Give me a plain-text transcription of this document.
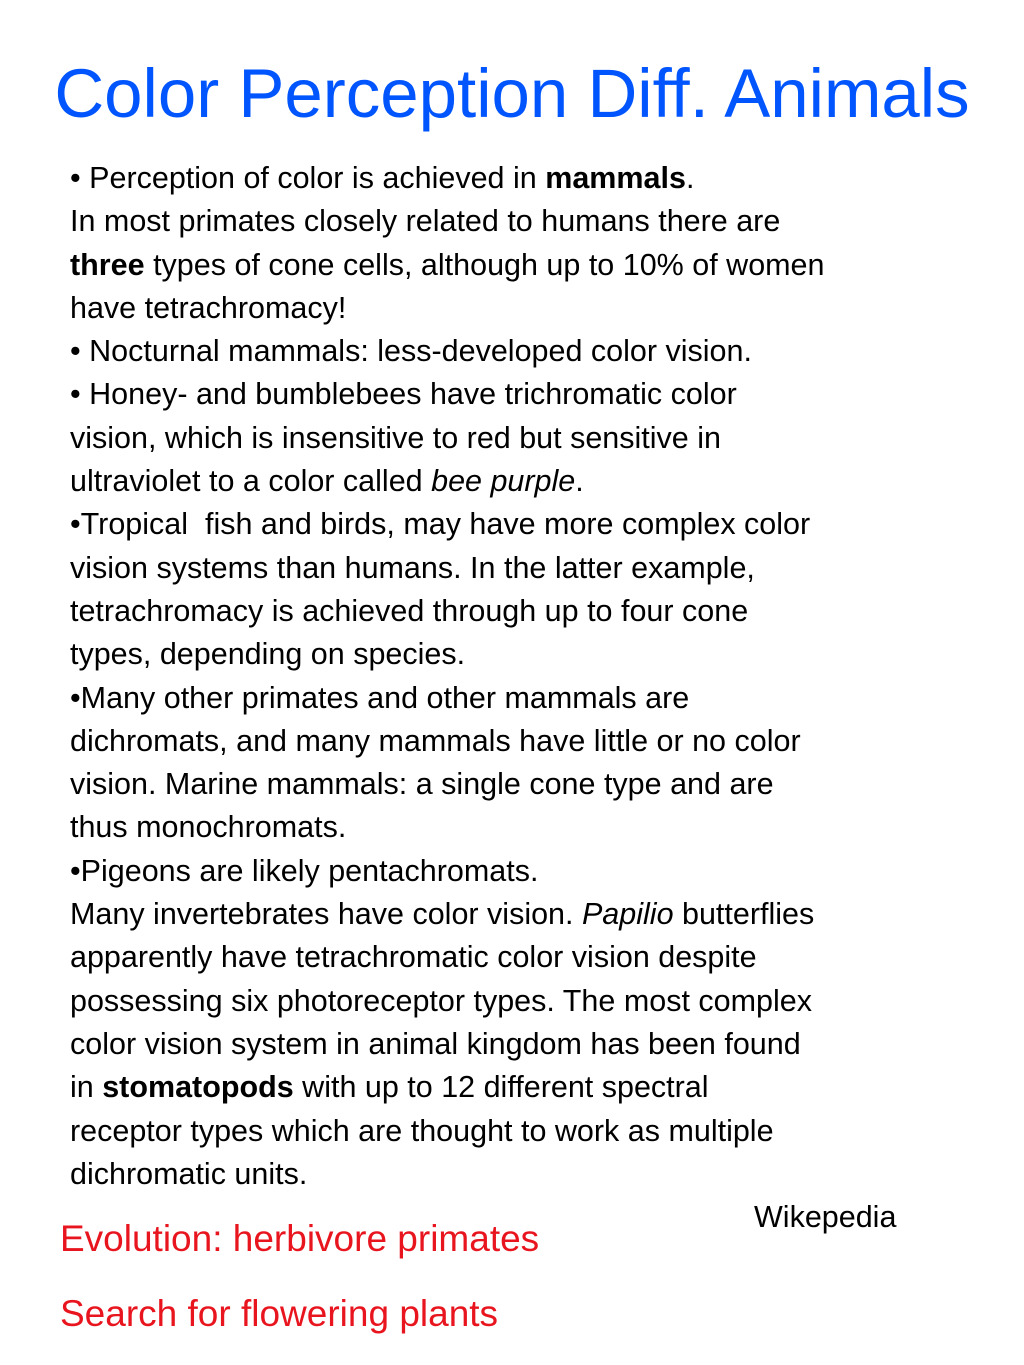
Color Perception Diff. Animals
• Perception of color is achieved in mammals.
In most primates closely related to humans there are
three types of cone cells, although up to 10% of women
have tetrachromacy!
• Nocturnal mammals: less-developed color vision.
• Honey- and bumblebees have trichromatic color
vision, which is insensitive to red but sensitive in
ultraviolet to a color called bee purple.
•Tropical  fish and birds, may have more complex color
vision systems than humans. In the latter example,
tetrachromacy is achieved through up to four cone
types, depending on species.
•Many other primates and other mammals are
dichromats, and many mammals have little or no color
vision. Marine mammals: a single cone type and are
thus monochromats.
•Pigeons are likely pentachromats.
Many invertebrates have color vision. Papilio butterflies
apparently have tetrachromatic color vision despite
possessing six photoreceptor types. The most complex
color vision system in animal kingdom has been found
in stomatopods with up to 12 different spectral
receptor types which are thought to work as multiple
dichromatic units.
Wikepedia
Evolution: herbivore primates
Search for flowering plants
